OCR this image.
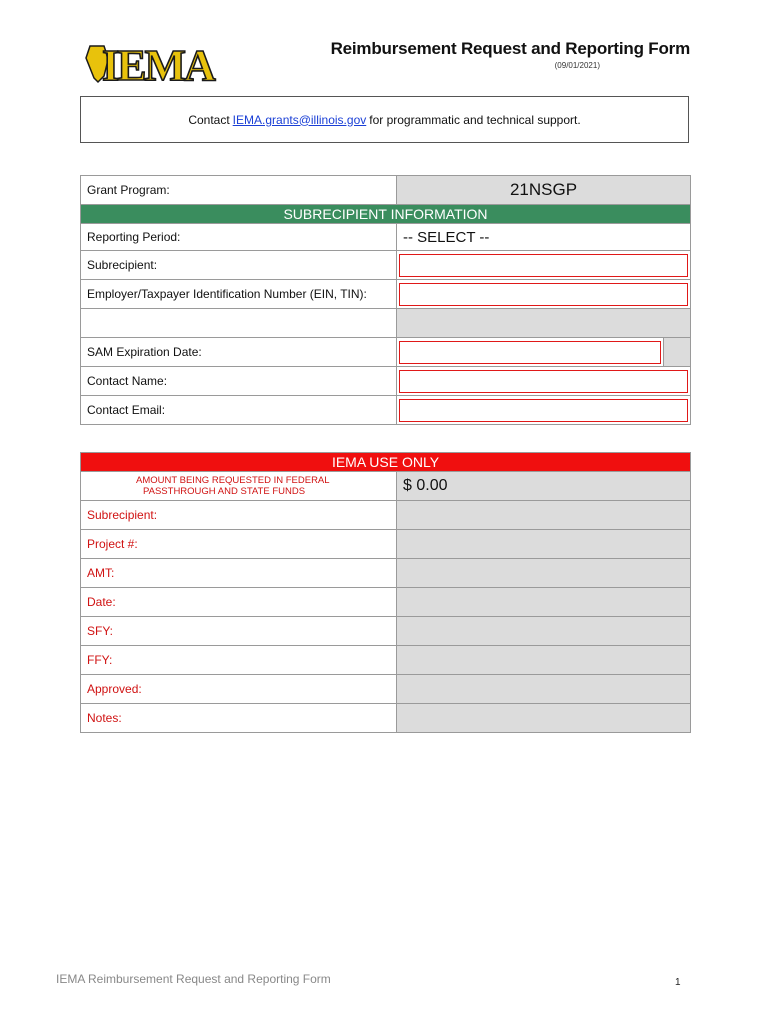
IEMA	Reimbursement Request and Reporting Form
(09/01/2021)
Contact IEMA.grants@illinois.gov for programmatic and technical support.
Grant Program:	21NSGP	
SUBRECIPIENT INFORMATION		
Reporting Period:	-- SELECT --	
Subrecipient:		

Employer/Taxpayer Identification Number (EIN, TIN):		

SAM Expiration Date:	

Contact Name:		

Contact Email:		
IEMA USE ONLY	

AMOUNT BEING REQUESTED IN FEDERAL
PASSTHROUGH AND STATE FUNDS	$ 0.00
Subrecipient:	
Project #:	
AMT:	
Date:	
SFY:	
FFY:	
Approved:	
Notes:	
IEMA Reimbursement Request and Reporting Form	1
